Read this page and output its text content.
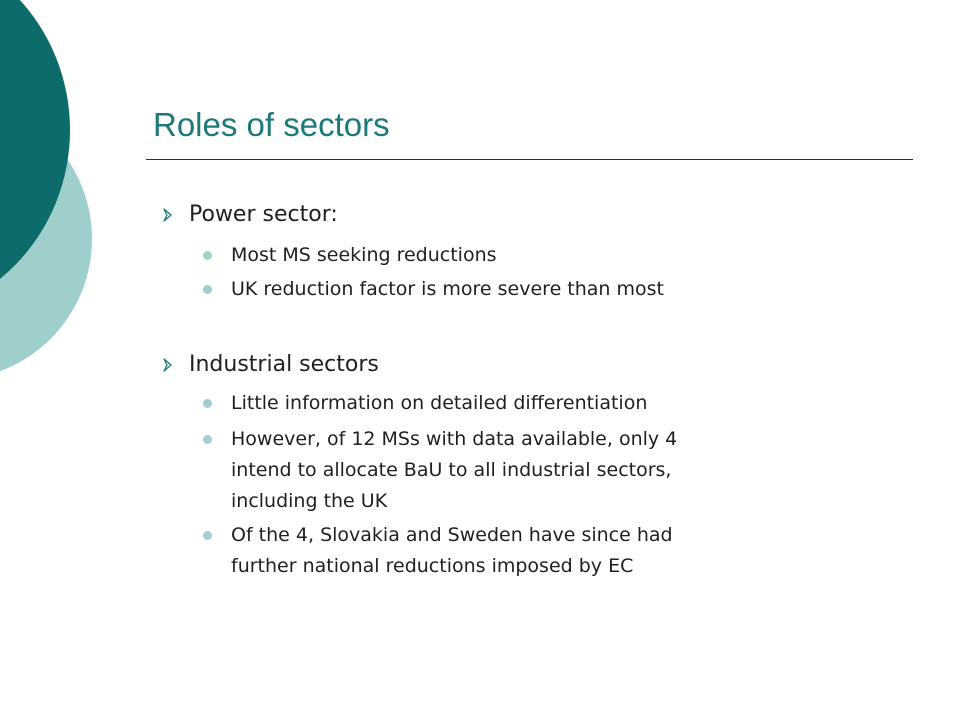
Roles of sectors
Power sector:
Most MS seeking reductions
UK reduction factor is more severe than most
Industrial sectors
Little information on detailed differentiation
However, of 12 MSs with data available, only 4
intend to allocate BaU to all industrial sectors,
including the UK
Of the 4, Slovakia and Sweden have since had
further national reductions imposed by EC
